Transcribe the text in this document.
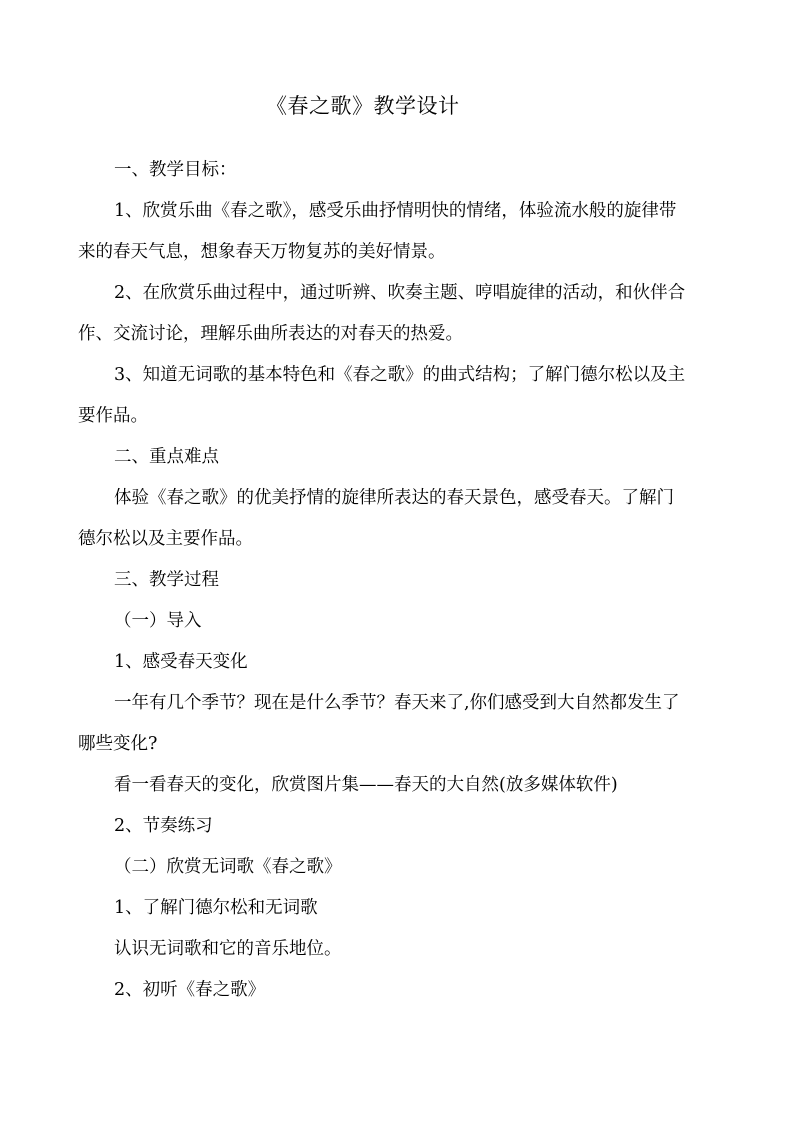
《春之歌》教学设计
一、教学目标：
1、欣赏乐曲《春之歌》，感受乐曲抒情明快的情绪，体验流水般的旋律带
来的春天气息，想象春天万物复苏的美好情景。
2、在欣赏乐曲过程中，通过听辨、吹奏主题、哼唱旋律的活动，和伙伴合
作、交流讨论，理解乐曲所表达的对春天的热爱。
3、知道无词歌的基本特色和《春之歌》的曲式结构；了解门德尔松以及主
要作品。
二、重点难点
体验《春之歌》的优美抒情的旋律所表达的春天景色，感受春天。了解门
德尔松以及主要作品。
三、教学过程
（一）导入
1、感受春天变化
一年有几个季节？现在是什么季节？春天来了,你们感受到大自然都发生了
哪些变化?
看一看春天的变化，欣赏图片集——春天的大自然(放多媒体软件)
2、节奏练习
（二）欣赏无词歌《春之歌》
1、了解门德尔松和无词歌
认识无词歌和它的音乐地位。
2、初听《春之歌》
